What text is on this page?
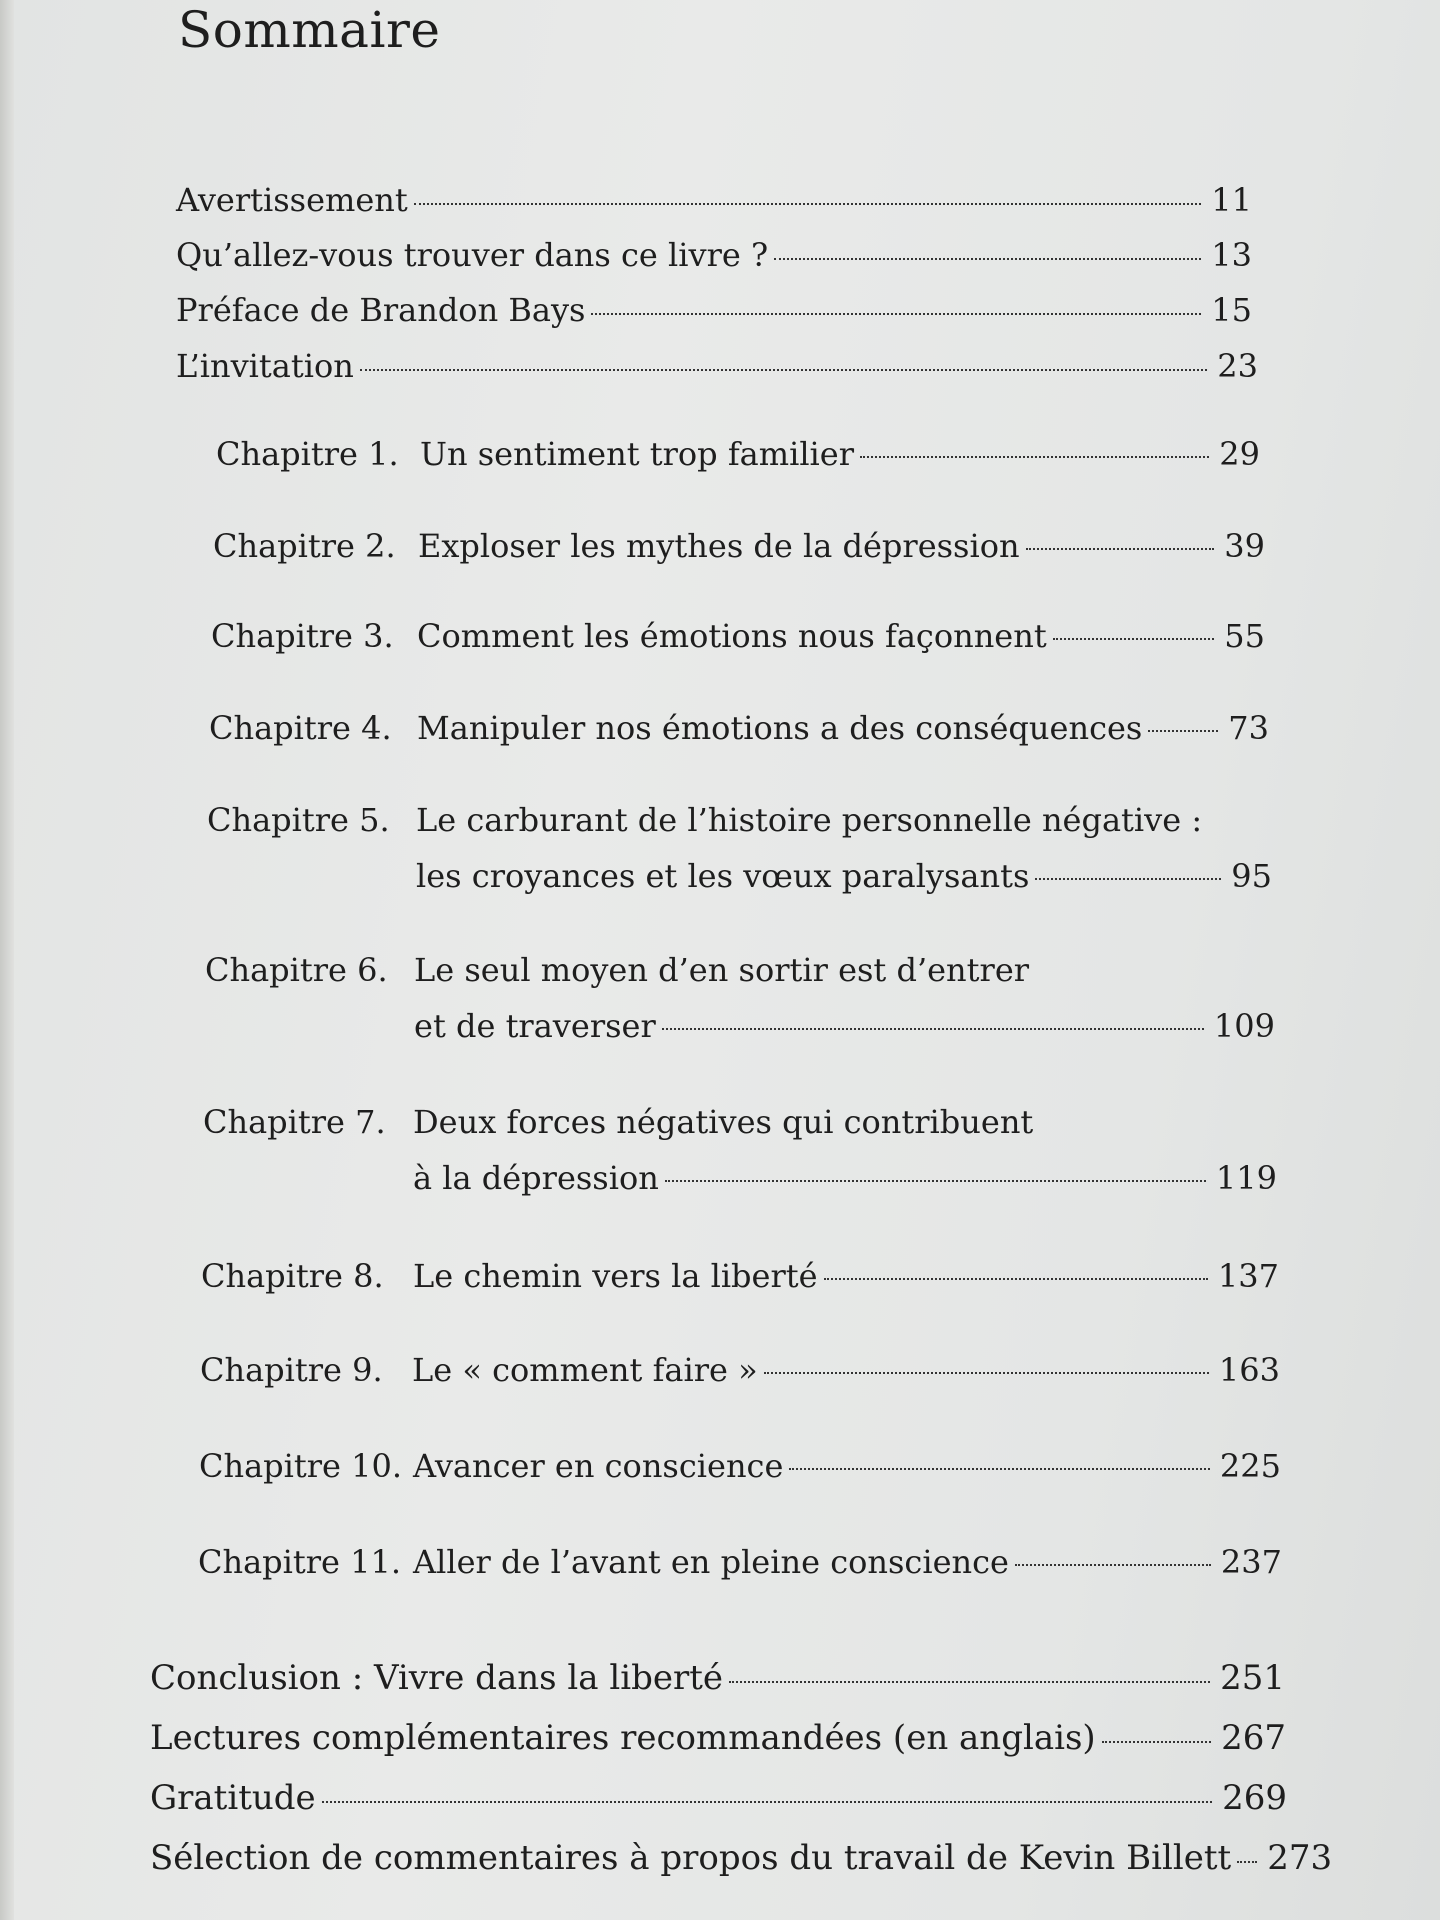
Sommaire
Avertissement	11
Qu’allez-vous trouver dans ce livre ?	13
Préface de Brandon Bays	15
L’invitation	23
Chapitre 1. Un sentiment trop familier	29
Chapitre 2. Exploser les mythes de la dépression	39
Chapitre 3. Comment les émotions nous façonnent	55
Chapitre 4. Manipuler nos émotions a des conséquences	73
Chapitre 5. Le carburant de l’histoire personnelle négative :
les croyances et les vœux paralysants	95
Chapitre 6. Le seul moyen d’en sortir est d’entrer
et de traverser	109
Chapitre 7. Deux forces négatives qui contribuent
à la dépression	119
Chapitre 8. Le chemin vers la liberté	137
Chapitre 9. Le « comment faire »	163
Chapitre 10. Avancer en conscience	225
Chapitre 11. Aller de l’avant en pleine conscience	237
Conclusion : Vivre dans la liberté	251
Lectures complémentaires recommandées (en anglais)	267
Gratitude	269
Sélection de commentaires à propos du travail de Kevin Billett 273
